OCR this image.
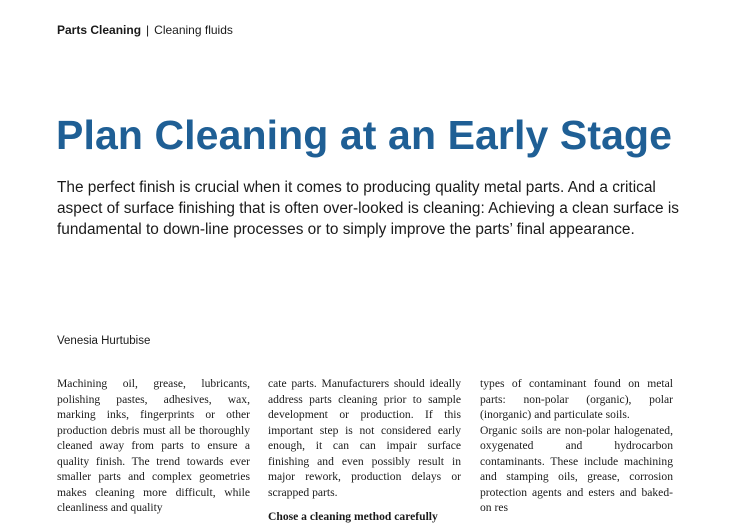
Parts Cleaning | Cleaning fluids
Plan Cleaning at an Early Stage

The perfect finish is crucial when it comes to producing quality metal parts. And a critical aspect of surface finishing that is often over-looked is cleaning: Achieving a clean surface is fundamental to down-line processes or to simply improve the parts’ final appearance.

Venesia Hurtubise

Machining oil, grease, lubricants, polishing pastes, adhesives, wax, marking inks, fingerprints or other production debris must all be thoroughly cleaned away from parts to ensure a quality finish. The trend towards ever smaller parts and complex geometries makes cleaning more difficult, while cleanliness and quality

cate parts. Manufacturers should ideally address parts cleaning prior to sample development or production. If this important step is not considered early enough, it can can impair surface finishing and even possibly result in major rework, production delays or scrapped parts.

Chose a cleaning method carefully

types of contaminant found on metal parts: non-polar (organic), polar (inorganic) and particulate soils.

Organic soils are non-polar halogenated, oxygenated and hydrocarbon contaminants. These include machining and stamping oils, grease, corrosion protection agents and esters and baked-on res
